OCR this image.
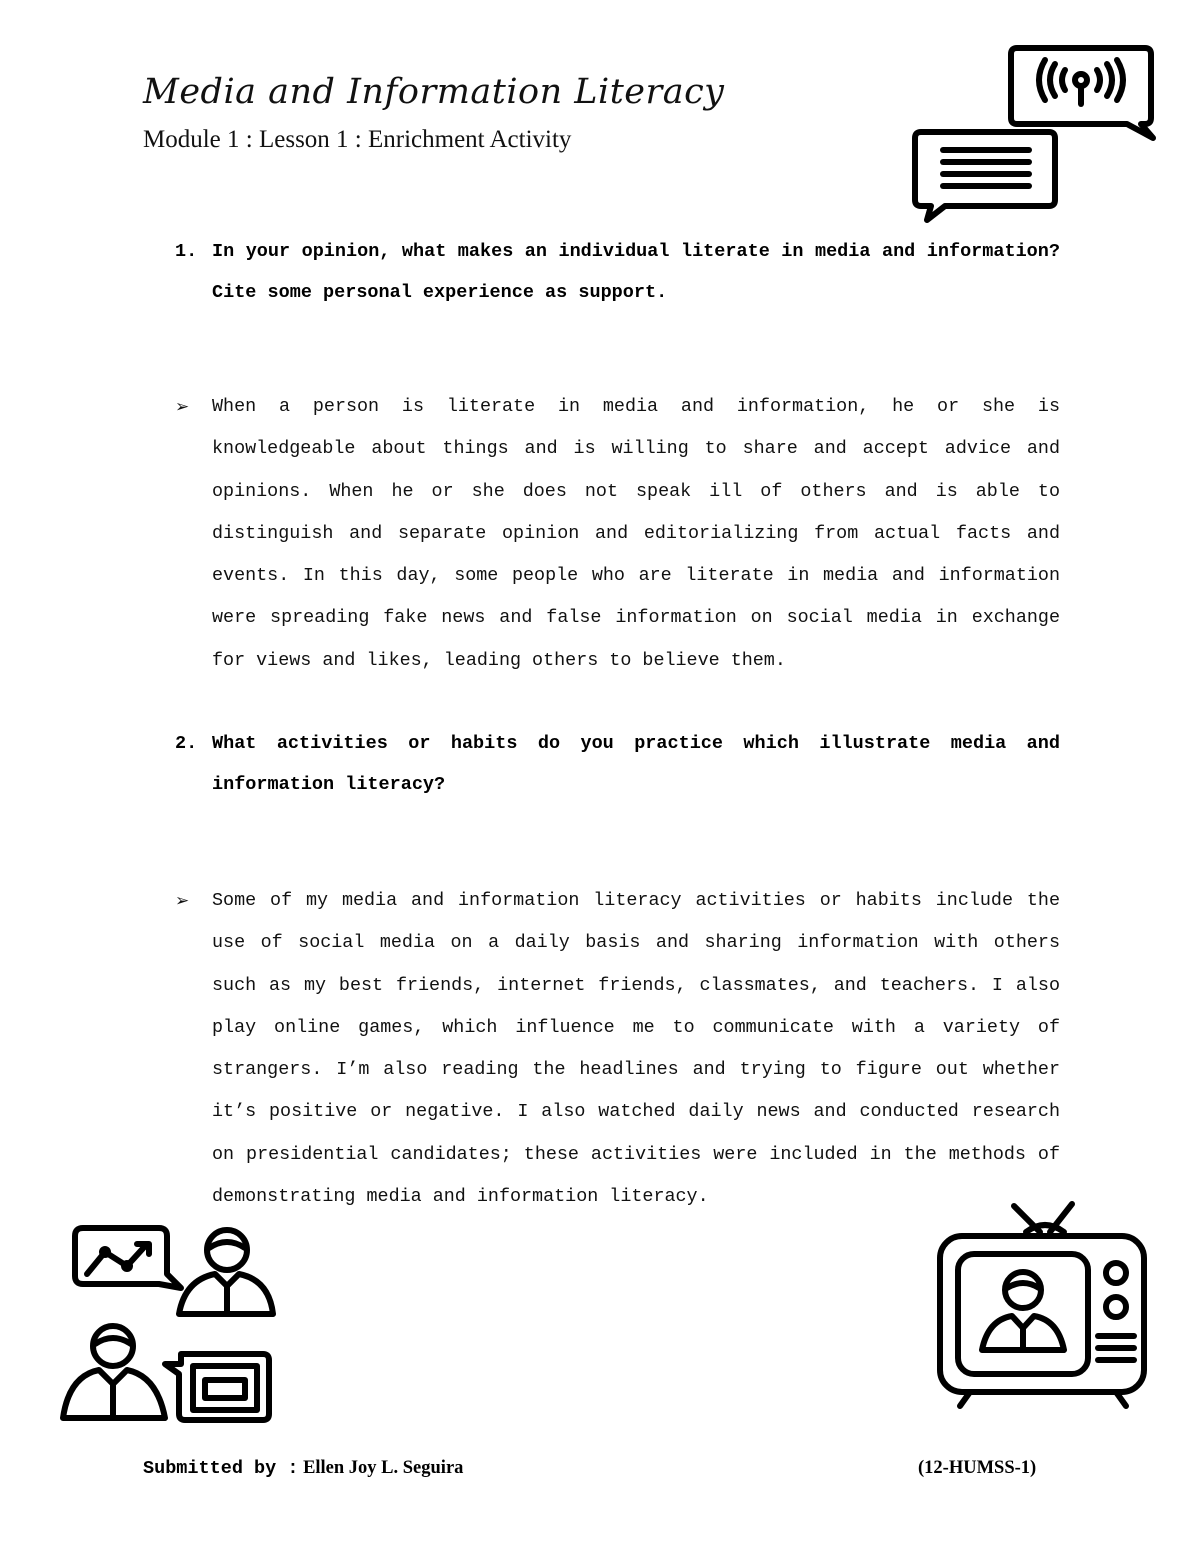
Media and Information Literacy
Module 1 : Lesson 1 : Enrichment Activity
1. In your opinion, what makes an individual literate in media and information? Cite some personal experience as support.
➢ When a person is literate in media and information, he or she is knowledgeable about things and is willing to share and accept advice and opinions. When he or she does not speak ill of others and is able to distinguish and separate opinion and editorializing from actual facts and events. In this day, some people who are literate in media and information were spreading fake news and false information on social media in exchange for views and likes, leading others to believe them.
2. What activities or habits do you practice which illustrate media and information literacy?
➢ Some of my media and information literacy activities or habits include the use of social media on a daily basis and sharing information with others such as my best friends, internet friends, classmates, and teachers. I also play online games, which influence me to communicate with a variety of strangers. I’m also reading the headlines and trying to figure out whether it’s positive or negative. I also watched daily news and conducted research on presidential candidates; these activities were included in the methods of demonstrating media and information literacy.
Submitted by : Ellen Joy L. Seguira	(12-HUMSS-1)
